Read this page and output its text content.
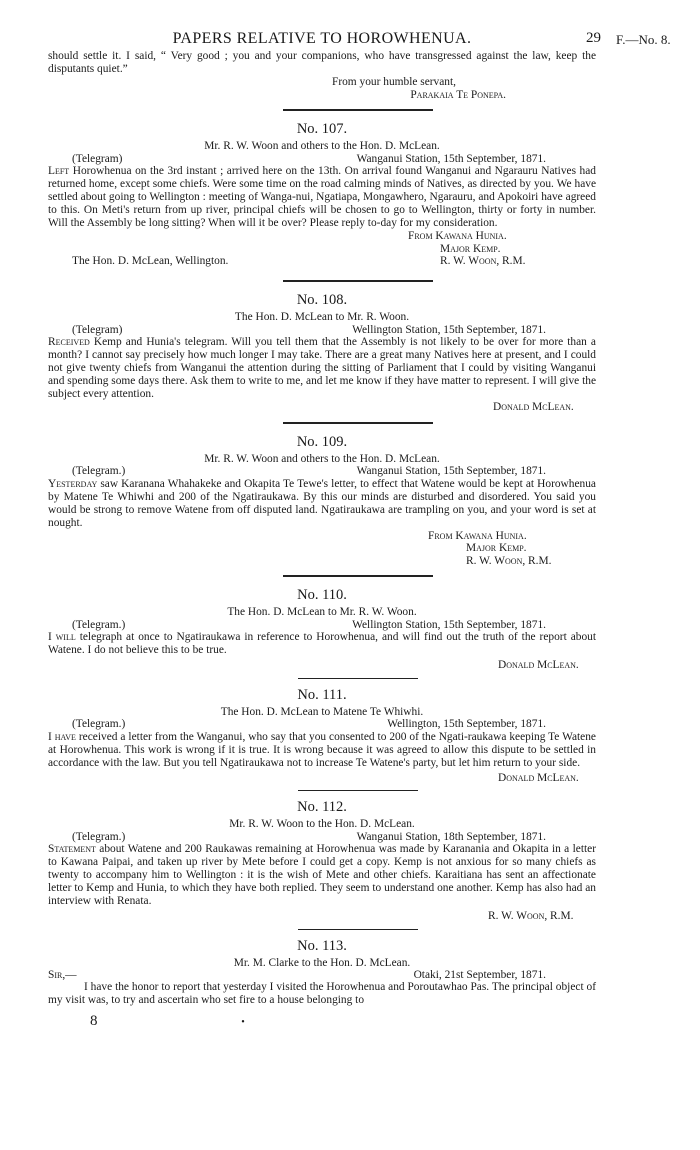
PAPERS RELATIVE TO HOROWHENUA.	29 F.—No. 8.

should settle it. I said, “ Very good ; you and your companions, who have transgressed against the law, keep the disputants quiet.”

From your humble servant,
Parakaia Te Ponepa.
No. 107.
Mr. R. W. Woon and others to the Hon. D. McLean.
(Telegram)	Wanganui Station, 15th September, 1871.

Left Horowhenua on the 3rd instant ; arrived here on the 13th. On arrival found Wanganui and Ngarauru Natives had returned home, except some chiefs. Were some time on the road calming minds of Natives, as directed by you. We have settled about going to Wellington : meeting of Wanga-nui, Ngatiapa, Mongawhero, Ngarauru, and Apokoiri have agreed to this. On Meti's return from up river, principal chiefs will be chosen to go to Wellington, thirty or forty in number. Will the Assembly be long sitting? When will it be over? Please reply to-day for my consideration.

From Kawana Hunia.
Major Kemp.
The Hon. D. McLean, Wellington.	R. W. Woon, R.M.
No. 108.
The Hon. D. McLean to Mr. R. Woon.
(Telegram)	Wellington Station, 15th September, 1871.

Received Kemp and Hunia's telegram. Will you tell them that the Assembly is not likely to be over for more than a month? I cannot say precisely how much longer I may take. There are a great many Natives here at present, and I could not give twenty chiefs from Wanganui the attention during the sitting of Parliament that I could by visiting Wanganui and spending some days there. Ask them to write to me, and let me know if they have matter to represent. I will give the subject every attention.

Donald McLean.
No. 109.
Mr. R. W. Woon and others to the Hon. D. McLean.
(Telegram.)	Wanganui Station, 15th September, 1871.

Yesterday saw Karanana Whahakeke and Okapita Te Tewe's letter, to effect that Watene would be kept at Horowhenua by Matene Te Whiwhi and 200 of the Ngatiraukawa. By this our minds are disturbed and disordered. You said you would be strong to remove Watene from off disputed land. Ngatiraukawa are trampling on you, and your word is set at nought.

From Kawana Hunia.
Major Kemp.
R. W. Woon, R.M.
No. 110.
The Hon. D. McLean to Mr. R. W. Woon.
(Telegram.)	Wellington Station, 15th September, 1871.

I will telegraph at once to Ngatiraukawa in reference to Horowhenua, and will find out the truth of the report about Watene. I do not believe this to be true.

Donald McLean.
No. 111.
The Hon. D. McLean to Matene Te Whiwhi.
(Telegram.)	Wellington, 15th September, 1871.

I have received a letter from the Wanganui, who say that you consented to 200 of the Ngati-raukawa keeping Te Watene at Horowhenua. This work is wrong if it is true. It is wrong because it was agreed to allow this dispute to be settled in accordance with the law. But you tell Ngatiraukawa not to increase Te Watene's party, but let him return to your side.

Donald McLean.
No. 112.
Mr. R. W. Woon to the Hon. D. McLean.
(Telegram.)	Wanganui Station, 18th September, 1871.

Statement about Watene and 200 Raukawas remaining at Horowhenua was made by Karanania and Okapita in a letter to Kawana Paipai, and taken up river by Mete before I could get a copy. Kemp is not anxious for so many chiefs as twenty to accompany him to Wellington : it is the wish of Mete and other chiefs. Karaitiana has sent an affectionate letter to Kemp and Hunia, to which they have both replied. They seem to understand one another. Kemp has also had an interview with Renata.

R. W. Woon, R.M.
No. 113.
Mr. M. Clarke to the Hon. D. McLean.
Sir,—	Otaki, 21st September, 1871.

I have the honor to report that yesterday I visited the Horowhenua and Poroutawhao Pas. The principal object of my visit was, to try and ascertain who set fire to a house belonging to

8	•
